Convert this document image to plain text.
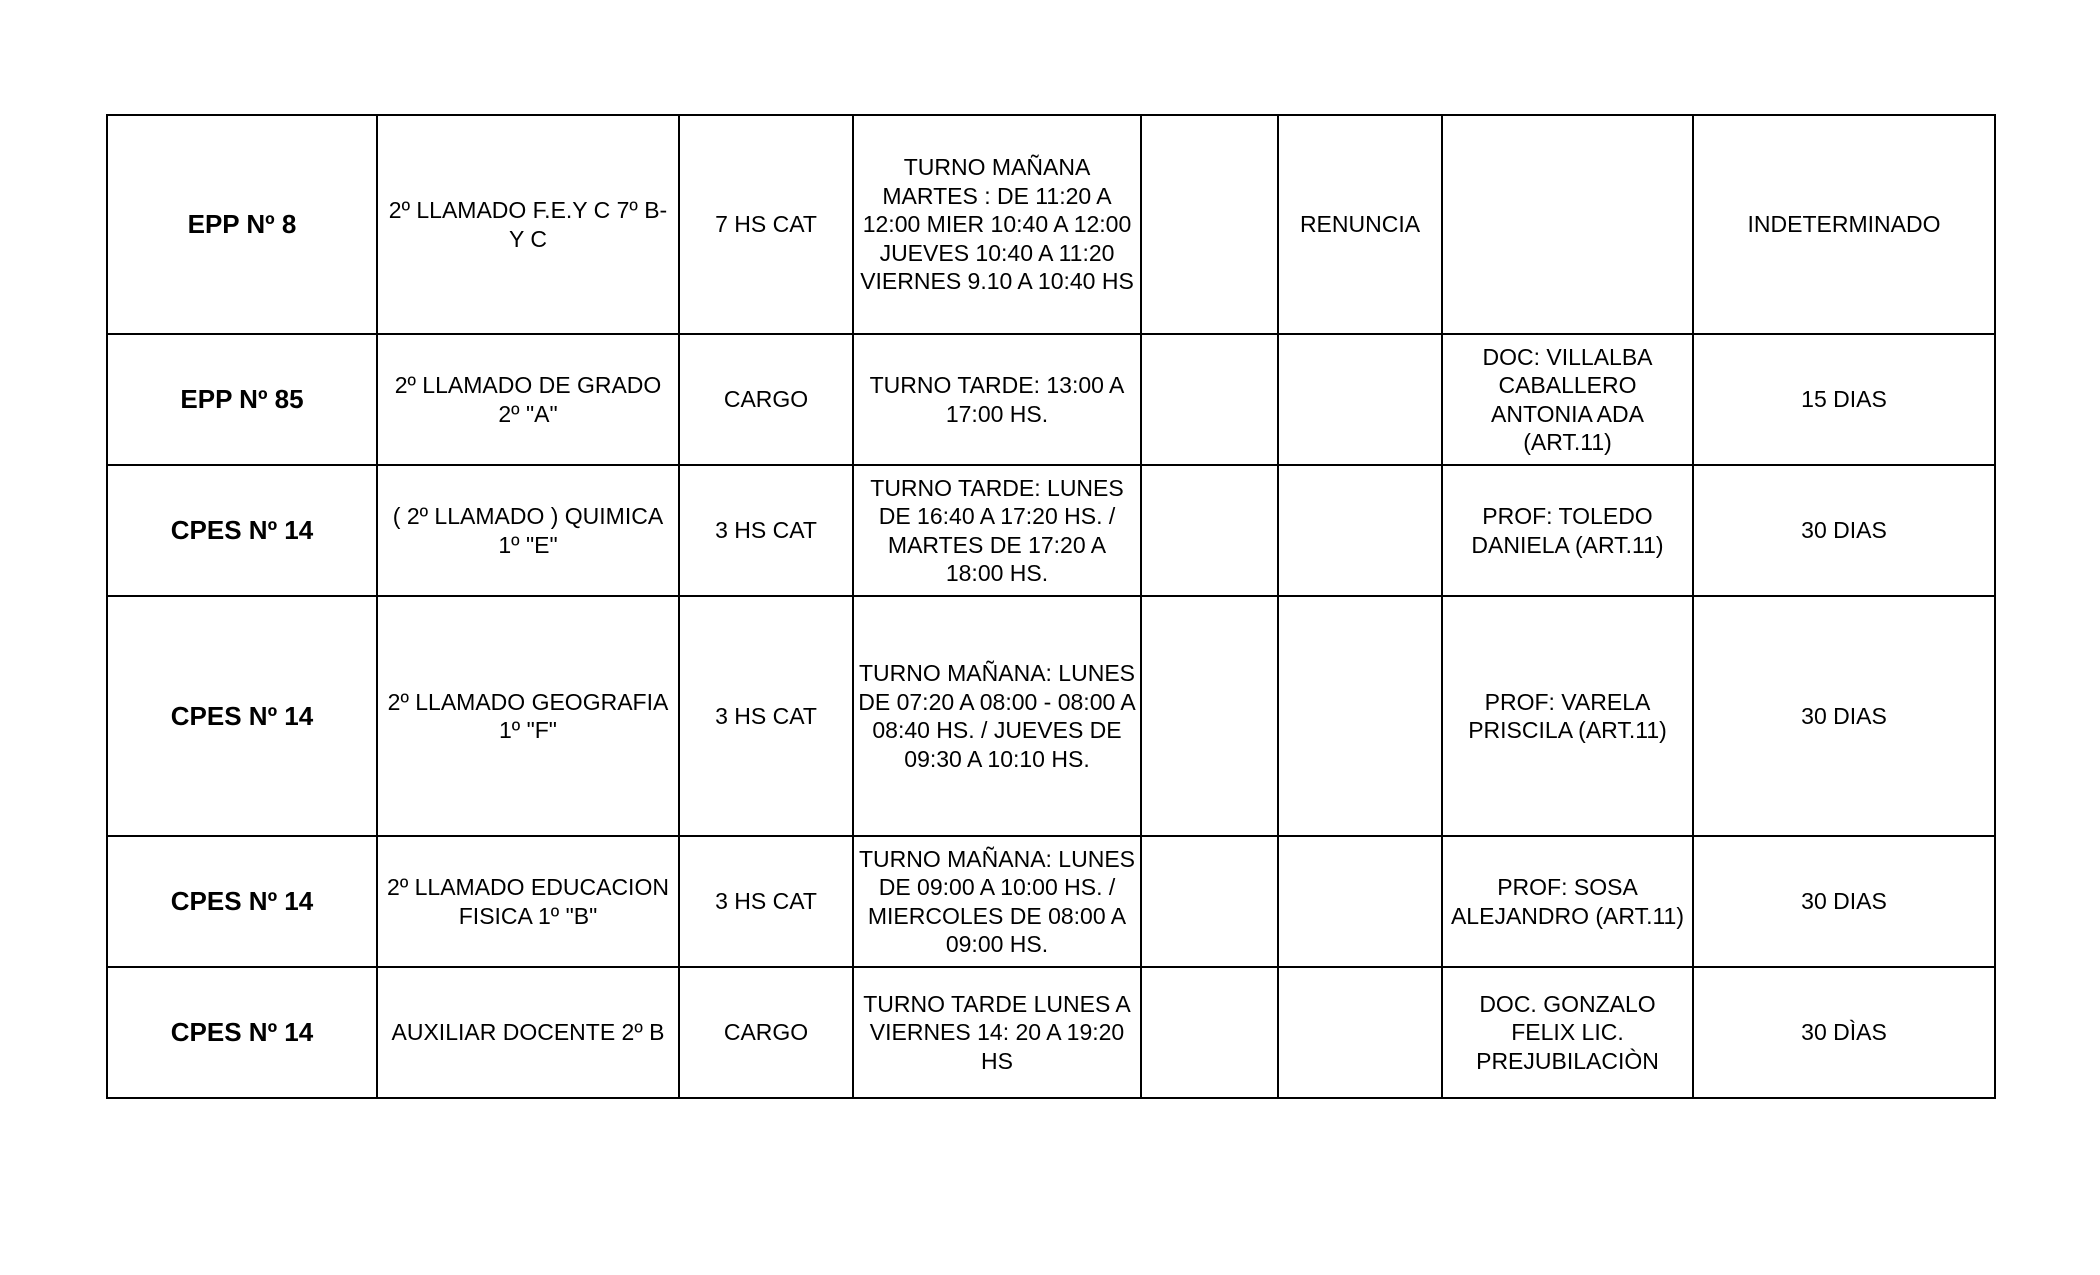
EPP Nº 8	2º LLAMADO F.E.Y C 7º B- Y C	7 HS CAT	TURNO MAÑANA MARTES : DE 11:20 A 12:00 MIER 10:40 A 12:00 JUEVES 10:40 A 11:20 VIERNES 9.10 A 10:40 HS		RENUNCIA		INDETERMINADO
EPP Nº 85	2º LLAMADO DE GRADO 2º "A"	CARGO	TURNO TARDE: 13:00 A 17:00 HS.			DOC: VILLALBA CABALLERO ANTONIA ADA (ART.11)	15 DIAS
CPES Nº 14	( 2º LLAMADO ) QUIMICA 1º "E"	3 HS CAT	TURNO TARDE: LUNES DE 16:40 A 17:20 HS. / MARTES DE 17:20 A 18:00 HS.			PROF: TOLEDO DANIELA (ART.11)	30 DIAS
CPES Nº 14	2º LLAMADO GEOGRAFIA 1º "F"	3 HS CAT	TURNO MAÑANA: LUNES DE 07:20 A 08:00 - 08:00 A 08:40 HS. / JUEVES DE 09:30 A 10:10 HS.			PROF: VARELA PRISCILA (ART.11)	30 DIAS
CPES Nº 14	2º LLAMADO EDUCACION FISICA 1º "B"	3 HS CAT	TURNO MAÑANA: LUNES DE 09:00 A 10:00 HS. / MIERCOLES DE 08:00 A 09:00 HS.			PROF: SOSA ALEJANDRO (ART.11)	30 DIAS
CPES Nº 14	AUXILIAR DOCENTE 2º B	CARGO	TURNO TARDE LUNES A VIERNES 14: 20 A 19:20 HS			DOC. GONZALO FELIX LIC. PREJUBILACIÒN	30 DÌAS
